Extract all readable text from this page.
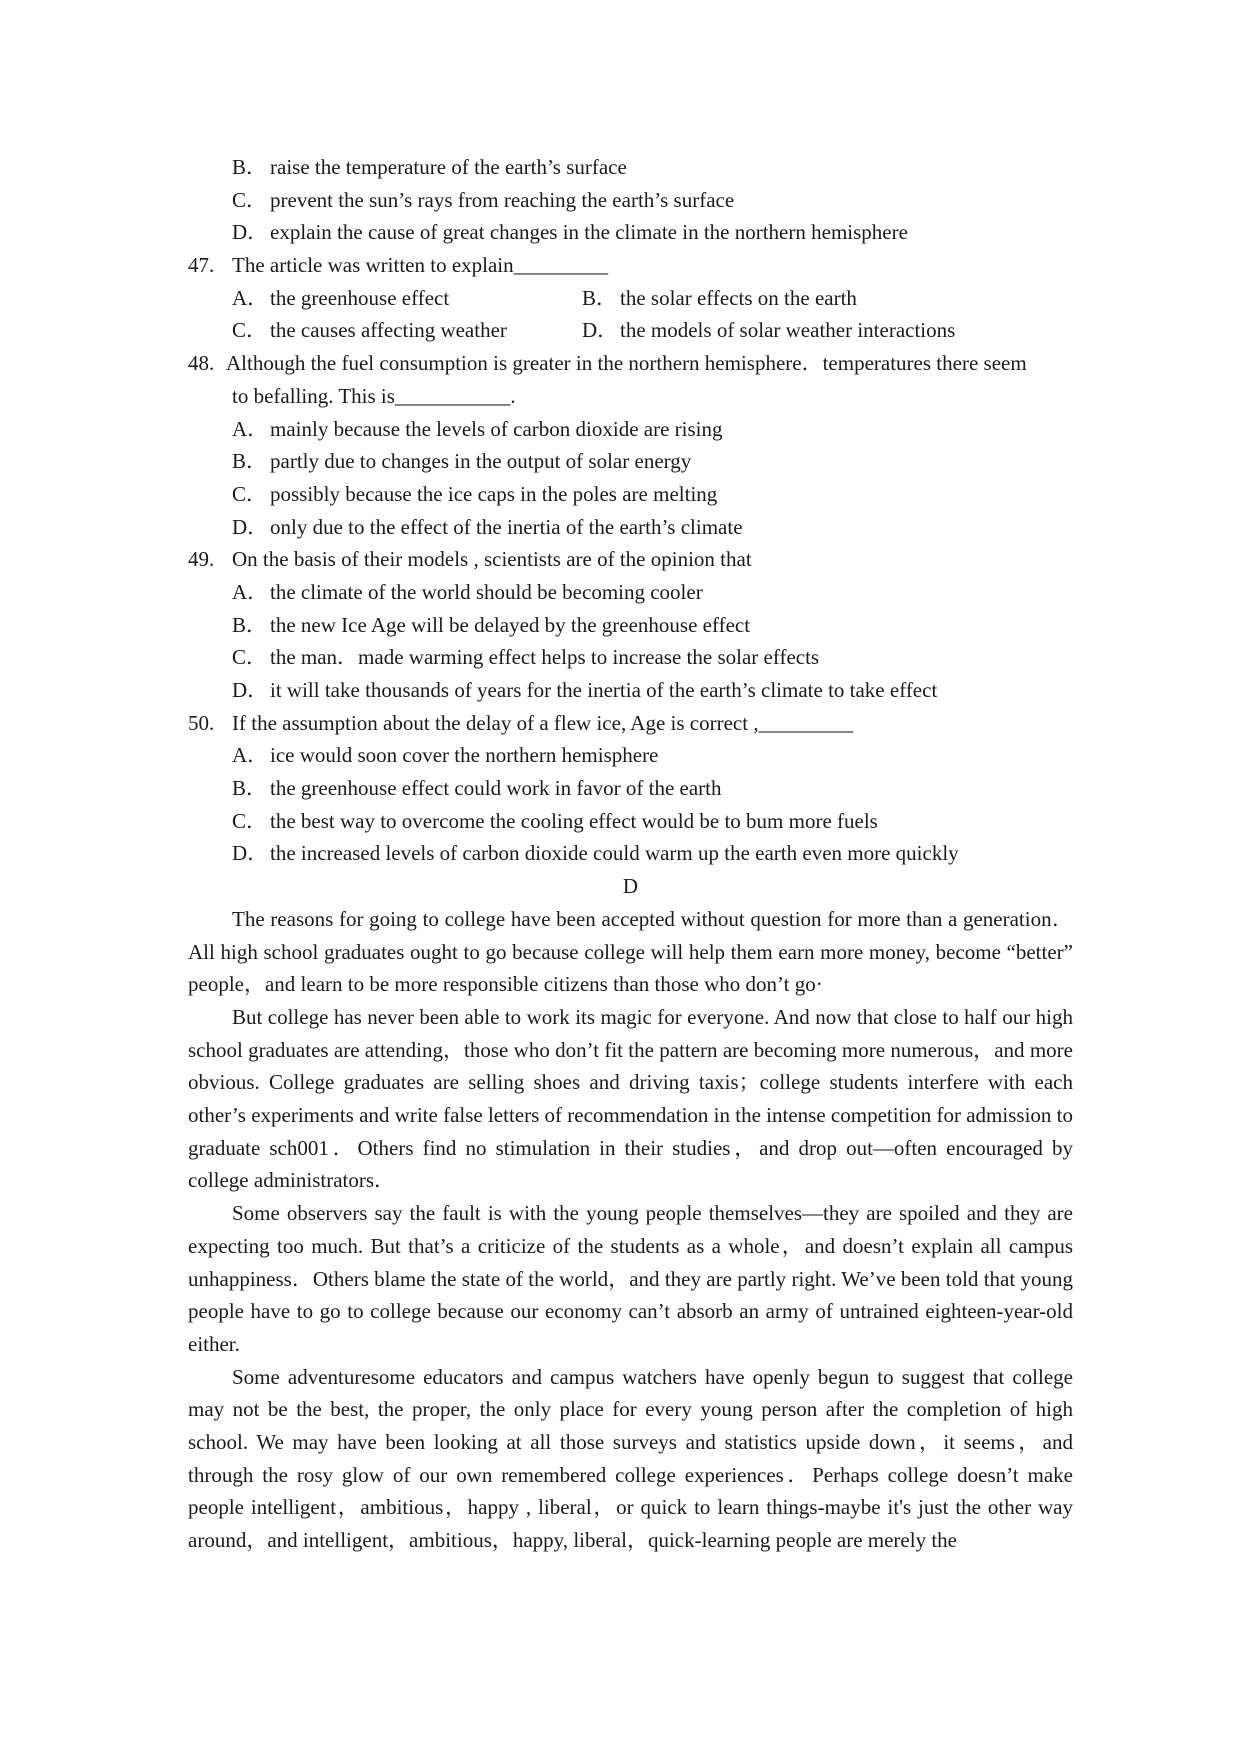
B． raise the temperature of the earth’s surface
C． prevent the sun’s rays from reaching the earth’s surface
D．explain the cause of great changes in the climate in the northern hemisphere
47. The article was written to explain_________
A．the greenhouse effect	B． the solar effects on the earth
C． the causes affecting weather	D．the models of solar weather interactions
48. Although the fuel consumption is greater in the northern hemisphere．temperatures there seem
to befalling. This is___________.
A．mainly because the levels of carbon dioxide are rising
B． partly due to changes in the output of solar energy
C． possibly because the ice caps in the poles are melting
D．only due to the effect of the inertia of the earth’s climate
49. On the basis of their models , scientists are of the opinion that
A．the climate of the world should be becoming cooler
B． the new Ice Age will be delayed by the greenhouse effect
C． the man．made warming effect helps to increase the solar effects
D．it will take thousands of years for the inertia of the earth’s climate to take effect
50. If the assumption about the delay of a flew ice, Age is correct ,_________
A．ice would soon cover the northern hemisphere
B． the greenhouse effect could work in favor of the earth
C． the best way to overcome the cooling effect would be to bum more fuels
D．the increased levels of carbon dioxide could warm up the earth even more quickly
D

The reasons for going to college have been accepted without question for more than a generation．All high school graduates ought to go because college will help them earn more money, become “better” people，and learn to be more responsible citizens than those who don’t go·

But college has never been able to work its magic for everyone. And now that close to half our high school graduates are attending，those who don’t fit the pattern are becoming more numerous，and more obvious. College graduates are selling shoes and driving taxis；college students interfere with each other’s experiments and write false letters of recommendation in the intense competition for admission to graduate sch001．Others find no stimulation in their studies，and drop out—often encouraged by college administrators．

Some observers say the fault is with the young people themselves—they are spoiled and they are expecting too much. But that’s a criticize of the students as a whole，and doesn’t explain all campus unhappiness．Others blame the state of the world，and they are partly right. We’ve been told that young people have to go to college because our economy can’t absorb an army of untrained eighteen-year-old either.

Some adventuresome educators and campus watchers have openly begun to suggest that college may not be the best, the proper, the only place for every young person after the completion of high school. We may have been looking at all those surveys and statistics upside down，it seems，and through the rosy glow of our own remembered college experiences．Perhaps college doesn’t make people intelligent，ambitious，happy , liberal，or quick to learn things-maybe it's just the other way around，and intelligent，ambitious，happy, liberal，quick-learning people are merely the
